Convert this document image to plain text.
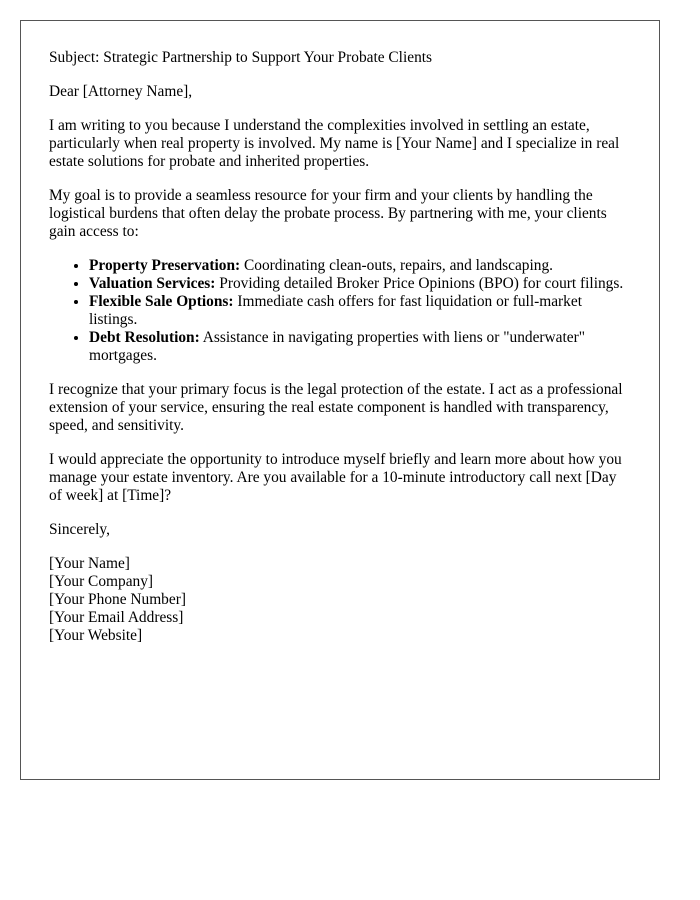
Subject: Strategic Partnership to Support Your Probate Clients
Dear [Attorney Name],

I am writing to you because I understand the complexities involved in settling an estate, particularly when real property is involved. My name is [Your Name] and I specialize in real estate solutions for probate and inherited properties.

My goal is to provide a seamless resource for your firm and your clients by handling the logistical burdens that often delay the probate process. By partnering with me, your clients gain access to:

• Property Preservation: Coordinating clean-outs, repairs, and landscaping.
• Valuation Services: Providing detailed Broker Price Opinions (BPO) for court filings.
• Flexible Sale Options: Immediate cash offers for fast liquidation or full-market listings.
• Debt Resolution: Assistance in navigating properties with liens or "underwater" mortgages.

I recognize that your primary focus is the legal protection of the estate. I act as a professional extension of your service, ensuring the real estate component is handled with transparency, speed, and sensitivity.

I would appreciate the opportunity to introduce myself briefly and learn more about how you manage your estate inventory. Are you available for a 10-minute introductory call next [Day of week] at [Time]?

Sincerely,
[Your Name]
[Your Company]
[Your Phone Number]
[Your Email Address]
[Your Website]
